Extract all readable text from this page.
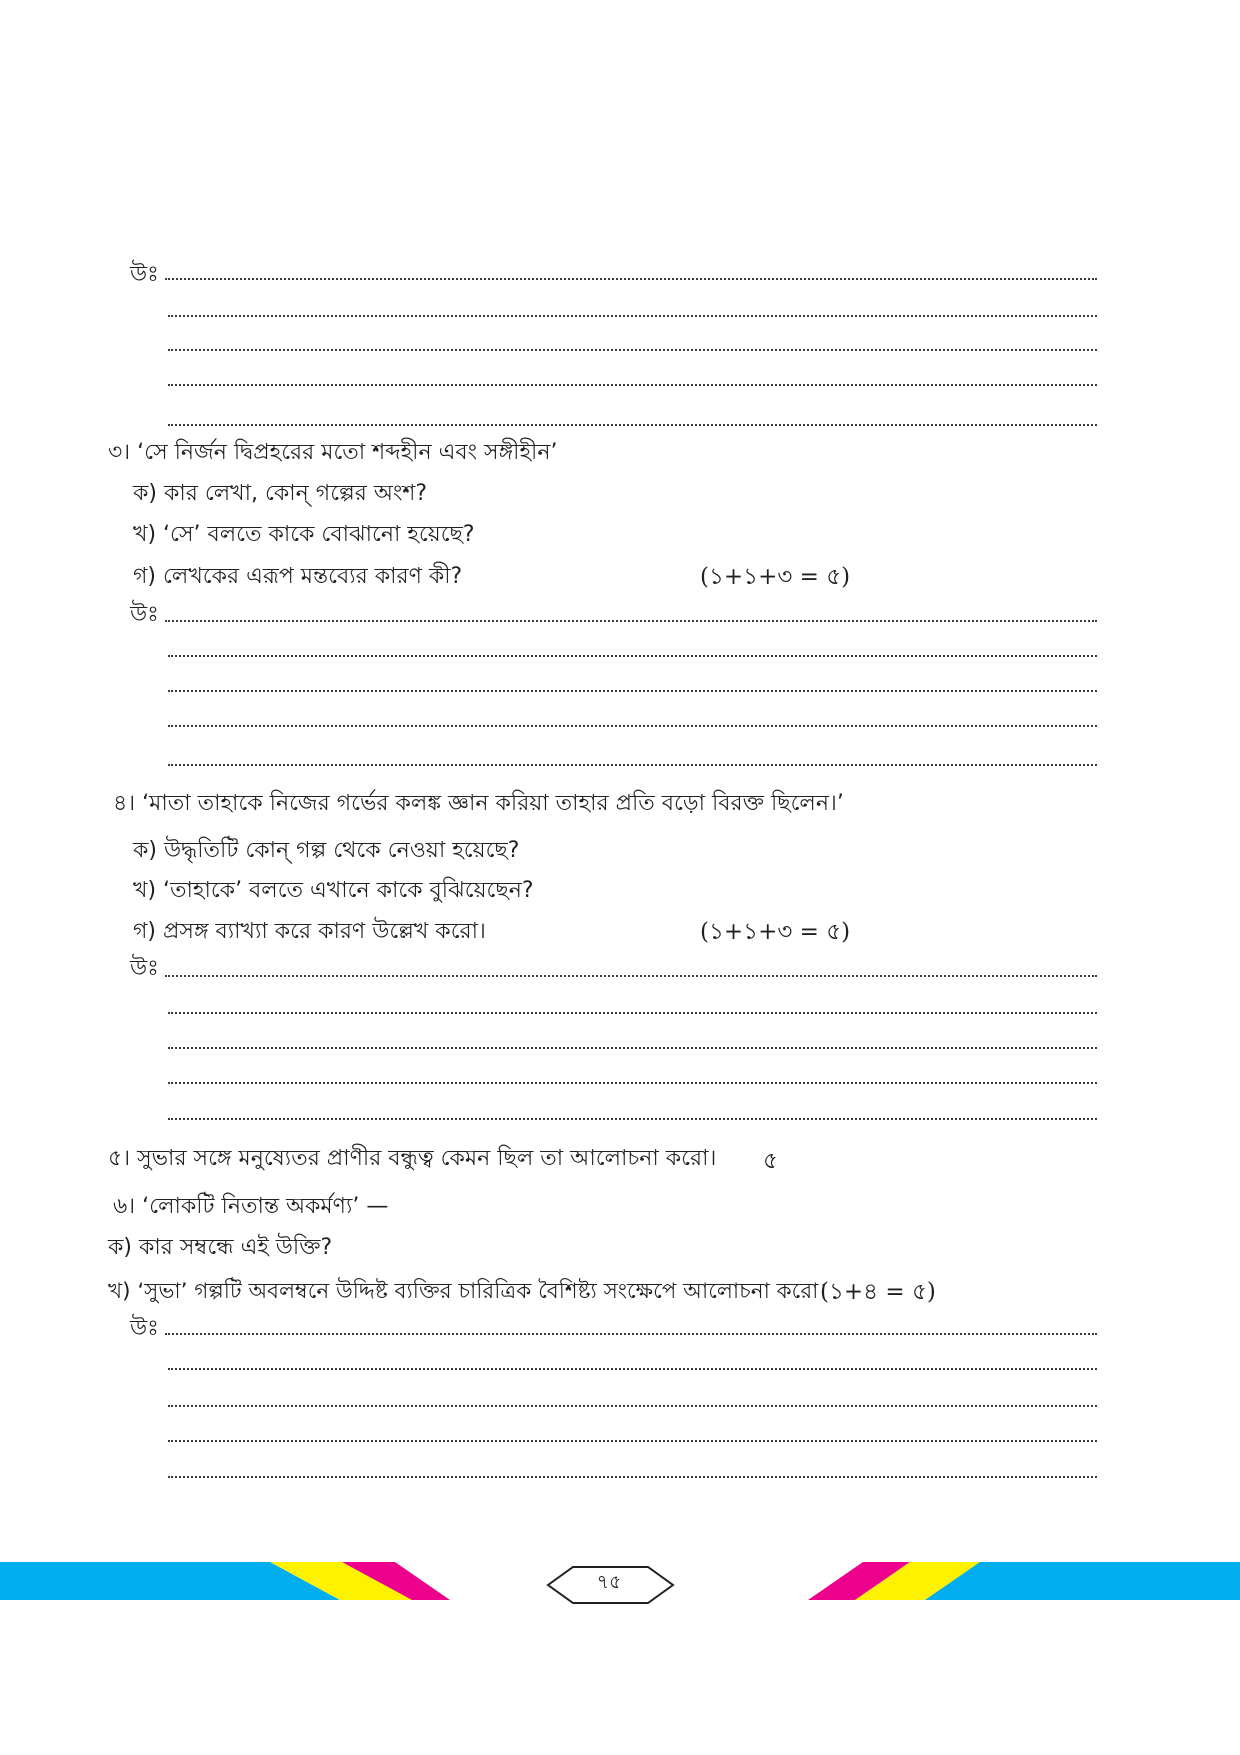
উঃ
৩। ‘সে নির্জন দ্বিপ্রহরের মতো শব্দহীন এবং সঙ্গীহীন’
ক) কার লেখা, কোন্ গল্পের অংশ?
খ) ‘সে’ বলতে কাকে বোঝানো হয়েছে?
গ) লেখকের এরূপ মন্তব্যের কারণ কী?	(১+১+৩ = ৫)
উঃ
৪। ‘মাতা তাহাকে নিজের গর্ভের কলঙ্ক জ্ঞান করিয়া তাহার প্রতি বড়ো বিরক্ত ছিলেন।’
ক) উদ্ধৃতিটি কোন্ গল্প থেকে নেওয়া হয়েছে?
খ) ‘তাহাকে’ বলতে এখানে কাকে বুঝিয়েছেন?
গ) প্রসঙ্গ ব্যাখ্যা করে কারণ উল্লেখ করো।	(১+১+৩ = ৫)
উঃ
৫। সুভার সঙ্গে মনুষ্যেতর প্রাণীর বন্ধুত্ব কেমন ছিল তা আলোচনা করো। ৫
৬। ‘লোকটি নিতান্ত অকর্মণ্য’ —
ক) কার সম্বন্ধে এই উক্তি?
খ) ‘সুভা’ গল্পটি অবলম্বনে উদ্দিষ্ট ব্যক্তির চারিত্রিক বৈশিষ্ট্য সংক্ষেপে আলোচনা করো।
(১+৪ = ৫)
উঃ
৭৫
